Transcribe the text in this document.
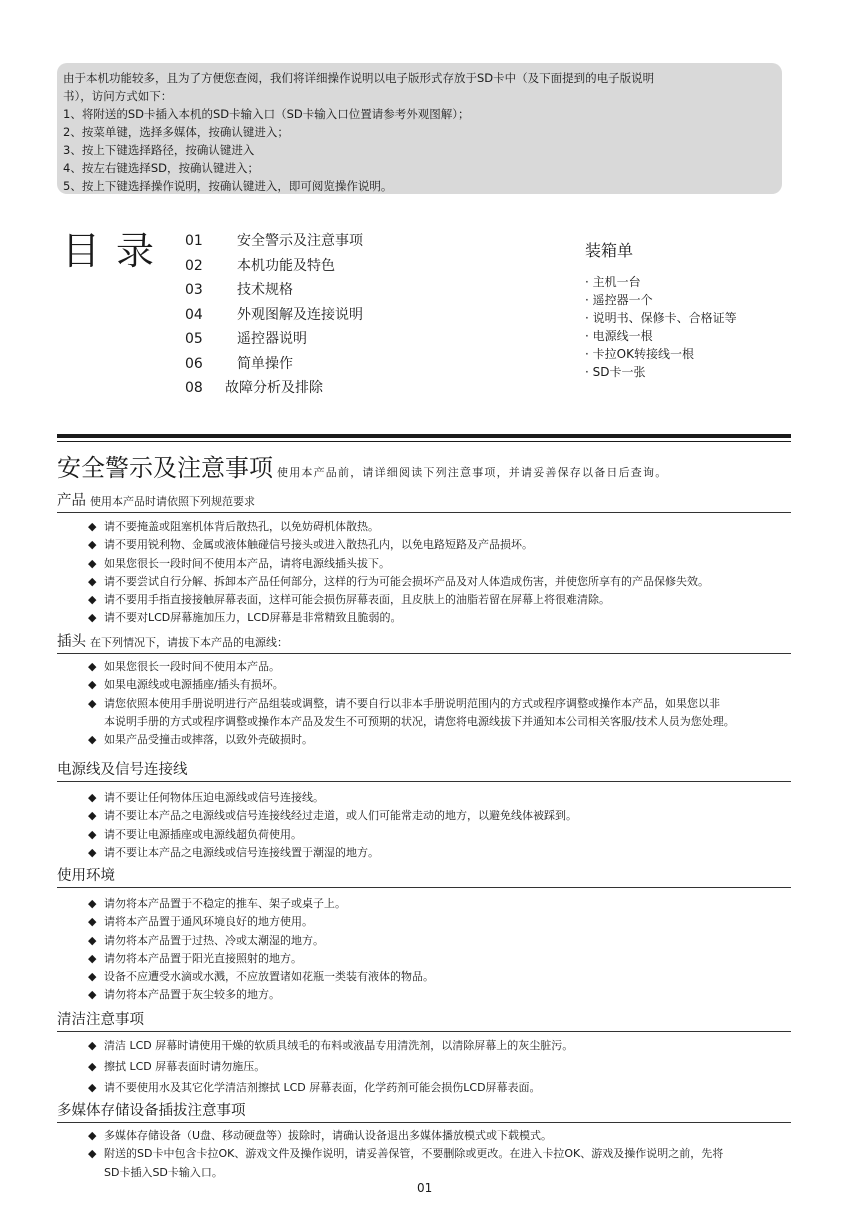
由于本机功能较多，且为了方便您查阅，我们将详细操作说明以电子版形式存放于SD卡中（及下面提到的电子版说明
书），访问方式如下：
1、将附送的SD卡插入本机的SD卡输入口（SD卡输入口位置请参考外观图解）；
2、按菜单键，选择多媒体，按确认键进入；
3、按上下键选择路径，按确认键进入
4、按左右键选择SD，按确认键进入；
5、按上下键选择操作说明，按确认键进入，即可阅览操作说明。
目录 01 安全警示及注意事项
02 本机功能及特色
03 技术规格
04 外观图解及连接说明
05 遥控器说明
06 简单操作
08 故障分析及排除
装箱单
· 主机一台
· 遥控器一个
· 说明书、保修卡、合格证等
· 电源线一根
· 卡拉OK转接线一根
· SD卡一张
安全警示及注意事项 使用本产品前，请详细阅读下列注意事项，并请妥善保存以备日后查询。
产品 使用本产品时请依照下列规范要求
◆ 请不要掩盖或阻塞机体背后散热孔，以免妨碍机体散热。
◆ 请不要用锐利物、金属或液体触碰信号接头或进入散热孔内，以免电路短路及产品损坏。
◆ 如果您很长一段时间不使用本产品，请将电源线插头拔下。
◆ 请不要尝试自行分解、拆卸本产品任何部分，这样的行为可能会损坏产品及对人体造成伤害，并使您所享有的产品保修失效。
◆ 请不要用手指直接接触屏幕表面，这样可能会损伤屏幕表面，且皮肤上的油脂若留在屏幕上将很难清除。
◆ 请不要对LCD屏幕施加压力，LCD屏幕是非常精致且脆弱的。
插头 在下列情况下，请拔下本产品的电源线：
◆ 如果您很长一段时间不使用本产品。
◆ 如果电源线或电源插座/插头有损坏。
◆ 请您依照本使用手册说明进行产品组装或调整，请不要自行以非本手册说明范围内的方式或程序调整或操作本产品，如果您以非
本说明手册的方式或程序调整或操作本产品及发生不可预期的状况，请您将电源线拔下并通知本公司相关客服/技术人员为您处理。
◆ 如果产品受撞击或摔落，以致外壳破损时。
电源线及信号连接线
◆ 请不要让任何物体压迫电源线或信号连接线。
◆ 请不要让本产品之电源线或信号连接线经过走道，或人们可能常走动的地方，以避免线体被踩到。
◆ 请不要让电源插座或电源线超负荷使用。
◆ 请不要让本产品之电源线或信号连接线置于潮湿的地方。
使用环境
◆ 请勿将本产品置于不稳定的推车、架子或桌子上。
◆ 请将本产品置于通风环境良好的地方使用。
◆ 请勿将本产品置于过热、冷或太潮湿的地方。
◆ 请勿将本产品置于阳光直接照射的地方。
◆ 设备不应遭受水滴或水溅，不应放置诸如花瓶一类装有液体的物品。
◆ 请勿将本产品置于灰尘较多的地方。
清洁注意事项
◆ 清洁 LCD 屏幕时请使用干燥的软质具绒毛的布料或液晶专用清洗剂，以清除屏幕上的灰尘脏污。
◆ 擦拭 LCD 屏幕表面时请勿施压。
◆ 请不要使用水及其它化学清洁剂擦拭 LCD 屏幕表面，化学药剂可能会损伤LCD屏幕表面。
多媒体存储设备插拔注意事项
◆ 多媒体存储设备（U盘、移动硬盘等）拔除时，请确认设备退出多媒体播放模式或下载模式。
◆ 附送的SD卡中包含卡拉OK、游戏文件及操作说明，请妥善保管，不要删除或更改。在进入卡拉OK、游戏及操作说明之前，先将
SD卡插入SD卡输入口。
01
